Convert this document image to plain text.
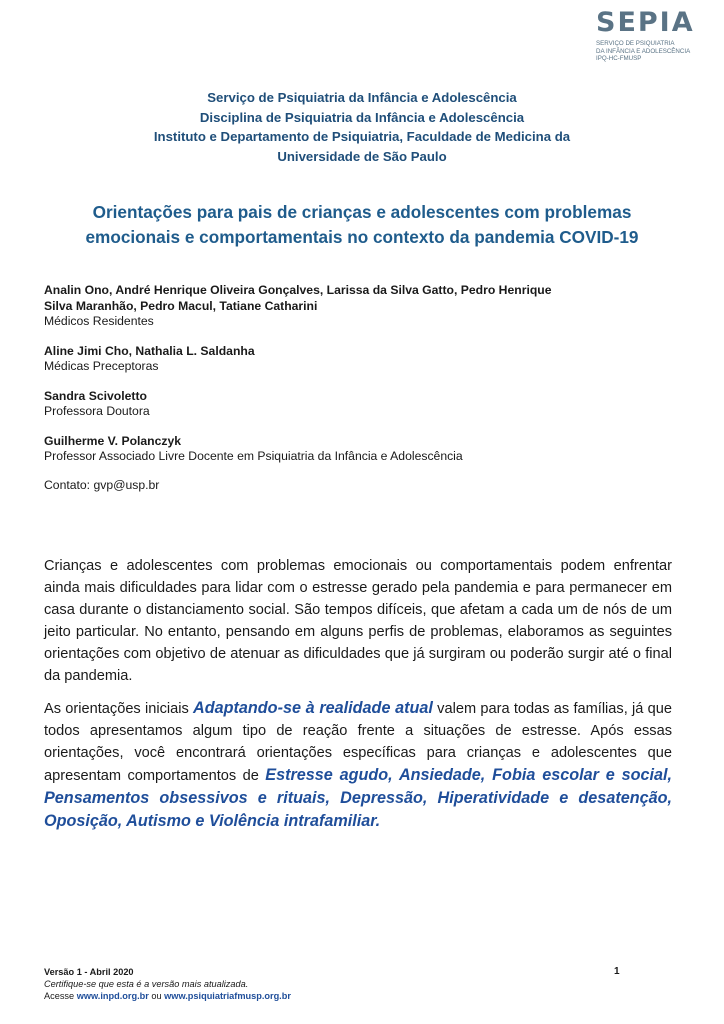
SEPIA
SERVIÇO DE PSIQUIATRIA
DA INFÂNCIA E ADOLESCÊNCIA
IPQ-HC-FMUSP
Serviço de Psiquiatria da Infância e Adolescência
Disciplina de Psiquiatria da Infância e Adolescência
Instituto e Departamento de Psiquiatria, Faculdade de Medicina da
Universidade de São Paulo
Orientações para pais de crianças e adolescentes com problemas
emocionais e comportamentais no contexto da pandemia COVID-19
Analin Ono, André Henrique Oliveira Gonçalves, Larissa da Silva Gatto, Pedro Henrique
Silva Maranhão, Pedro Macul, Tatiane Catharini
Médicos Residentes
Aline Jimi Cho, Nathalia L. Saldanha
Médicas Preceptoras
Sandra Scivoletto
Professora Doutora
Guilherme V. Polanczyk
Professor Associado Livre Docente em Psiquiatria da Infância e Adolescência
Contato: gvp@usp.br

Crianças e adolescentes com problemas emocionais ou comportamentais podem enfrentar ainda mais dificuldades para lidar com o estresse gerado pela pandemia e para permanecer em casa durante o distanciamento social. São tempos difíceis, que afetam a cada um de nós de um jeito particular. No entanto, pensando em alguns perfis de problemas, elaboramos as seguintes orientações com objetivo de atenuar as dificuldades que já surgiram ou poderão surgir até o final da pandemia.

As orientações iniciais Adaptando-se à realidade atual valem para todas as famílias, já que todos apresentamos algum tipo de reação frente a situações de estresse. Após essas orientações, você encontrará orientações específicas para crianças e adolescentes que apresentam comportamentos de Estresse agudo, Ansiedade, Fobia escolar e social, Pensamentos obsessivos e rituais, Depressão, Hiperatividade e desatenção, Oposição, Autismo e Violência intrafamiliar.

Versão 1 - Abril 2020
Certifique-se que esta é a versão mais atualizada.
Acesse www.inpd.org.br ou www.psiquiatriafmusp.org.br
1
